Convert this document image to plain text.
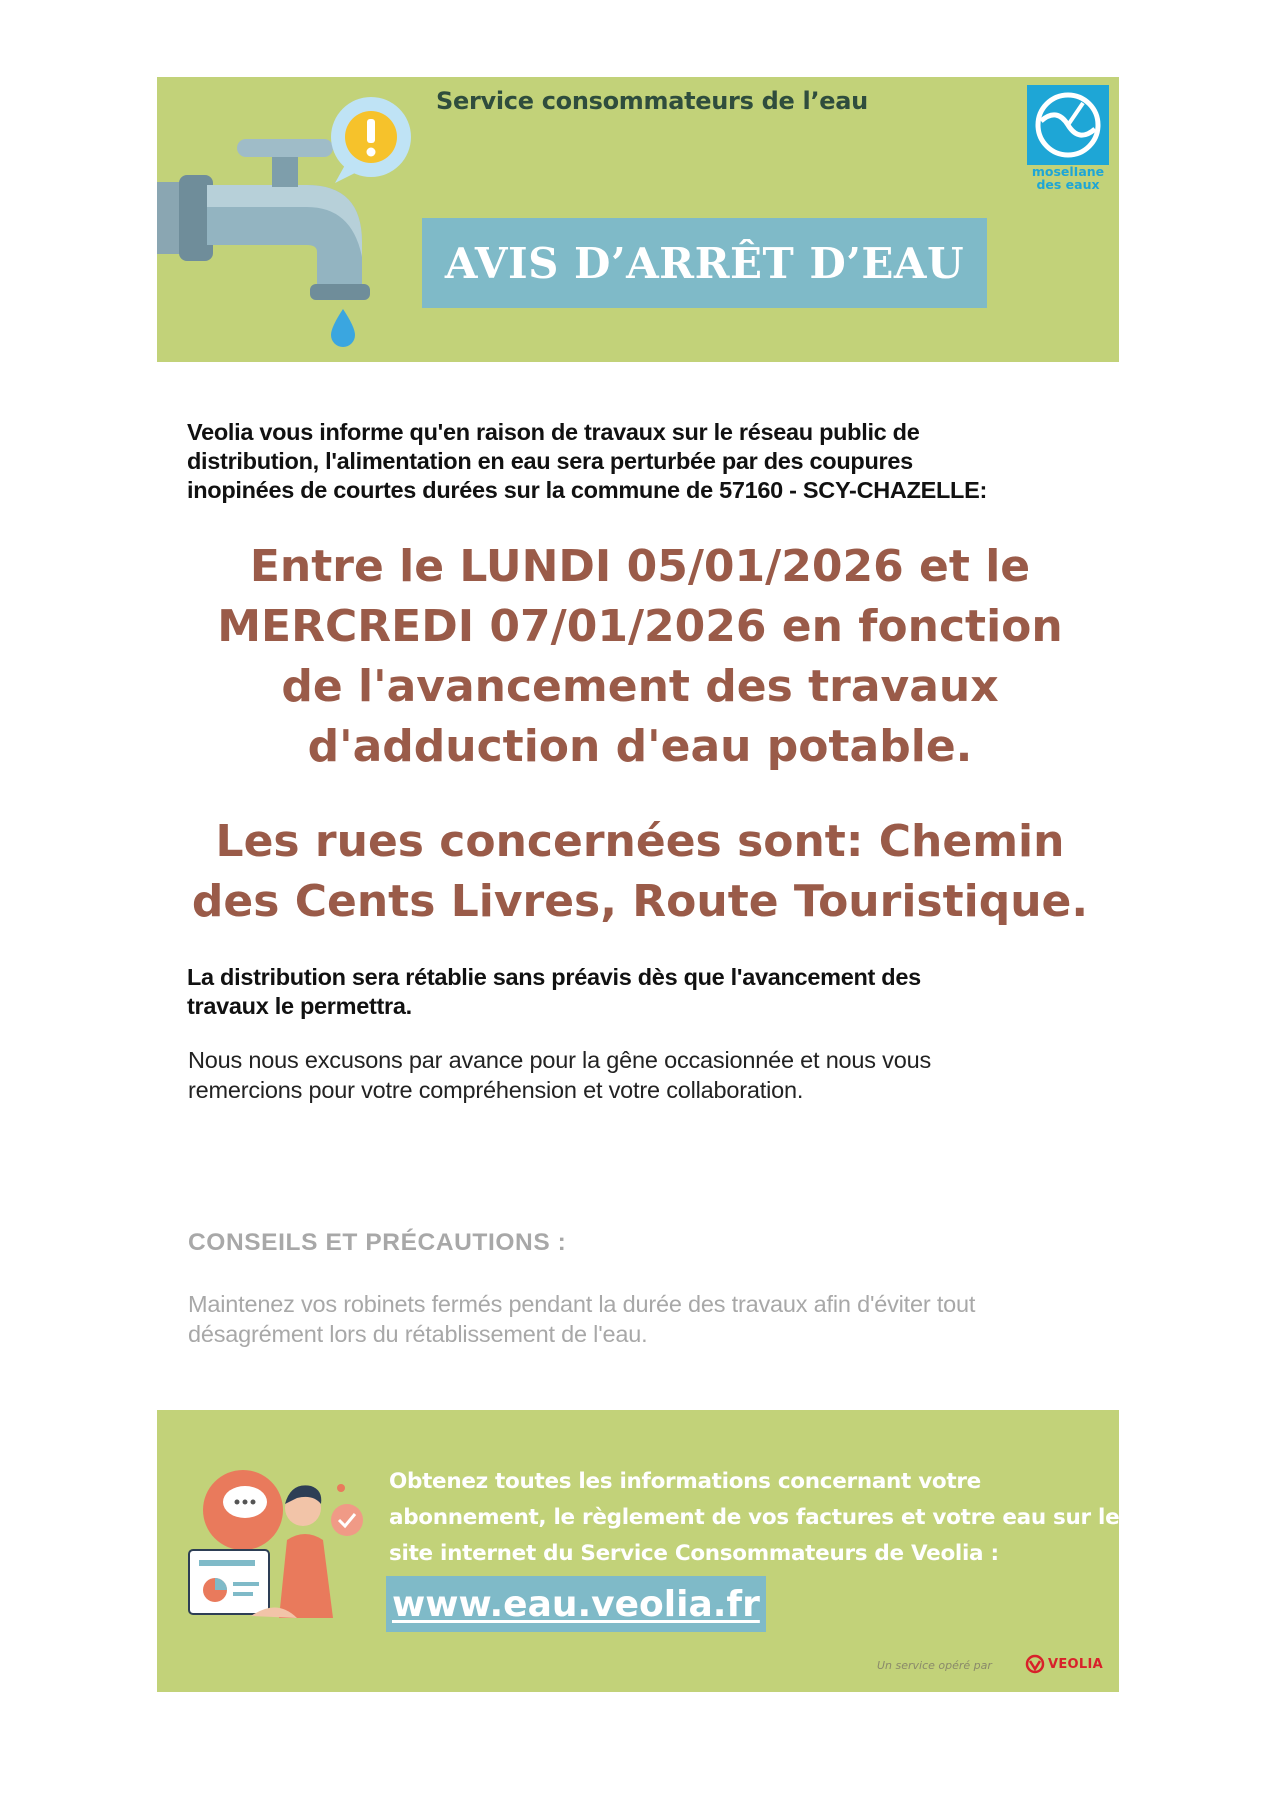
Service consommateurs de l’eau
AVIS D’ARRÊT D’EAU
moselIane
des eaux
Veolia vous informe qu'en raison de travaux sur le réseau public de
distribution, l'alimentation en eau sera perturbée par des coupures
inopinées de courtes durées sur la commune de 57160 - SCY-CHAZELLE:
Entre le LUNDI 05/01/2026 et le
MERCREDI 07/01/2026 en fonction
de l'avancement des travaux
d'adduction d'eau potable.
Les rues concernées sont: Chemin
des Cents Livres, Route Touristique.
La distribution sera rétablie sans préavis dès que l'avancement des
travaux le permettra.
Nous nous excusons par avance pour la gêne occasionnée et nous vous
remercions pour votre compréhension et votre collaboration.
CONSEILS ET PRÉCAUTIONS :
Maintenez vos robinets fermés pendant la durée des travaux afin d'éviter tout
désagrément lors du rétablissement de l'eau.
Obtenez toutes les informations concernant votre
abonnement, le règlement de vos factures et votre eau sur le
site internet du Service Consommateurs de Veolia :
www.eau.veolia.fr
Un service opéré par	VEOLIA
